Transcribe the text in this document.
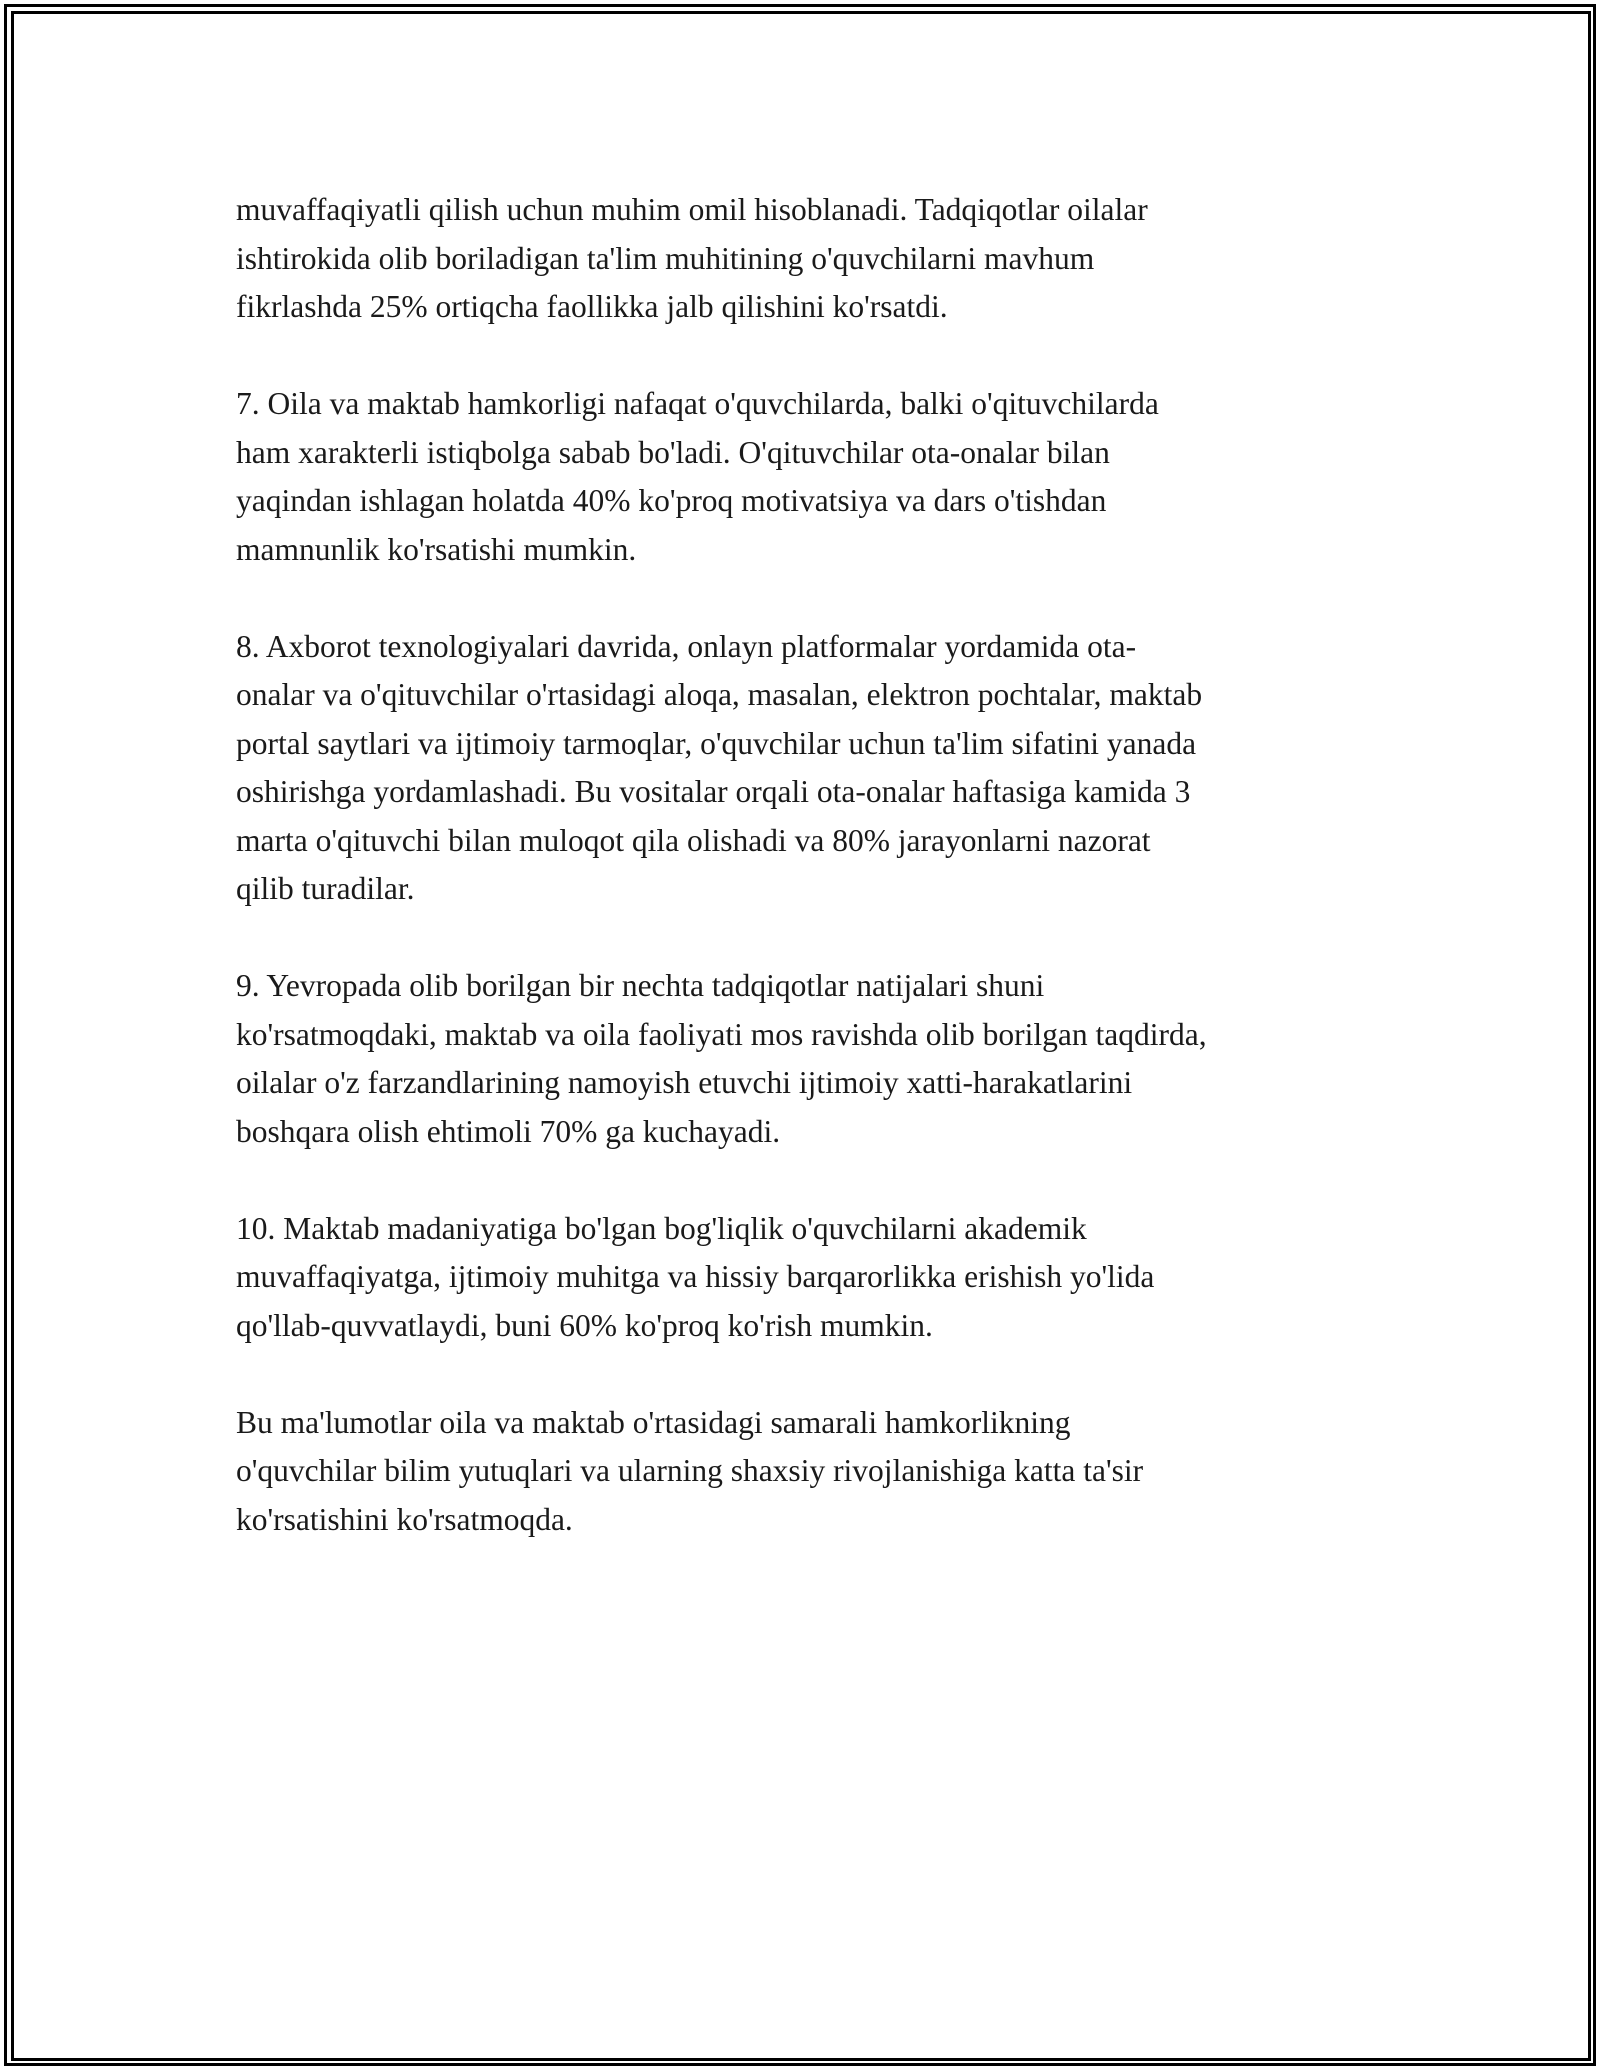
muvaffaqiyatli qilish uchun muhim omil hisoblanadi. Tadqiqotlar oilalar
ishtirokida olib boriladigan ta'lim muhitining o'quvchilarni mavhum
fikrlashda 25% ortiqcha faollikka jalb qilishini ko'rsatdi.

7. Oila va maktab hamkorligi nafaqat o'quvchilarda, balki o'qituvchilarda
ham xarakterli istiqbolga sabab bo'ladi. O'qituvchilar ota-onalar bilan
yaqindan ishlagan holatda 40% ko'proq motivatsiya va dars o'tishdan
mamnunlik ko'rsatishi mumkin.

8. Axborot texnologiyalari davrida, onlayn platformalar yordamida ota-
onalar va o'qituvchilar o'rtasidagi aloqa, masalan, elektron pochtalar, maktab
portal saytlari va ijtimoiy tarmoqlar, o'quvchilar uchun ta'lim sifatini yanada
oshirishga yordamlashadi. Bu vositalar orqali ota-onalar haftasiga kamida 3
marta o'qituvchi bilan muloqot qila olishadi va 80% jarayonlarni nazorat
qilib turadilar.

9. Yevropada olib borilgan bir nechta tadqiqotlar natijalari shuni
ko'rsatmoqdaki, maktab va oila faoliyati mos ravishda olib borilgan taqdirda,
oilalar o'z farzandlarining namoyish etuvchi ijtimoiy xatti-harakatlarini
boshqara olish ehtimoli 70% ga kuchayadi.

10. Maktab madaniyatiga bo'lgan bog'liqlik o'quvchilarni akademik
muvaffaqiyatga, ijtimoiy muhitga va hissiy barqarorlikka erishish yo'lida
qo'llab-quvvatlaydi, buni 60% ko'proq ko'rish mumkin.

Bu ma'lumotlar oila va maktab o'rtasidagi samarali hamkorlikning
o'quvchilar bilim yutuqlari va ularning shaxsiy rivojlanishiga katta ta'sir
ko'rsatishini ko'rsatmoqda.
